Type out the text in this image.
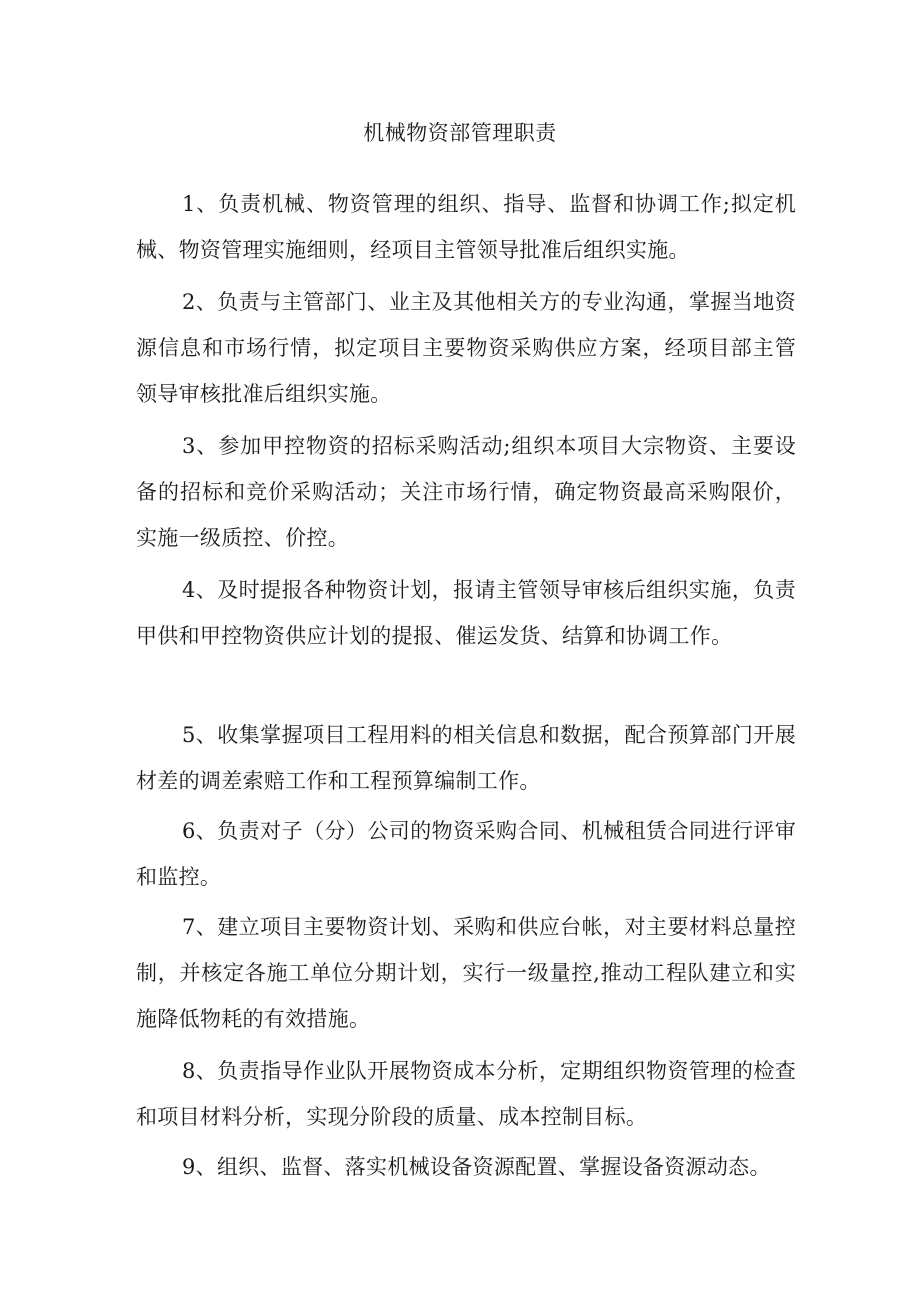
机械物资部管理职责

1、负责机械、物资管理的组织、指导、监督和协调工作;拟定机械、物资管理实施细则，经项目主管领导批准后组织实施。

2、负责与主管部门、业主及其他相关方的专业沟通，掌握当地资源信息和市场行情，拟定项目主要物资采购供应方案，经项目部主管领导审核批准后组织实施。

3、参加甲控物资的招标采购活动;组织本项目大宗物资、主要设备的招标和竞价采购活动；关注市场行情，确定物资最高采购限价，实施一级质控、价控。

4、及时提报各种物资计划，报请主管领导审核后组织实施，负责甲供和甲控物资供应计划的提报、催运发货、结算和协调工作。

5、收集掌握项目工程用料的相关信息和数据，配合预算部门开展材差的调差索赔工作和工程预算编制工作。

6、负责对子（分）公司的物资采购合同、机械租赁合同进行评审和监控。

7、建立项目主要物资计划、采购和供应台帐，对主要材料总量控制，并核定各施工单位分期计划，实行一级量控,推动工程队建立和实施降低物耗的有效措施。

8、负责指导作业队开展物资成本分析，定期组织物资管理的检查和项目材料分析，实现分阶段的质量、成本控制目标。

9、组织、监督、落实机械设备资源配置、掌握设备资源动态。
